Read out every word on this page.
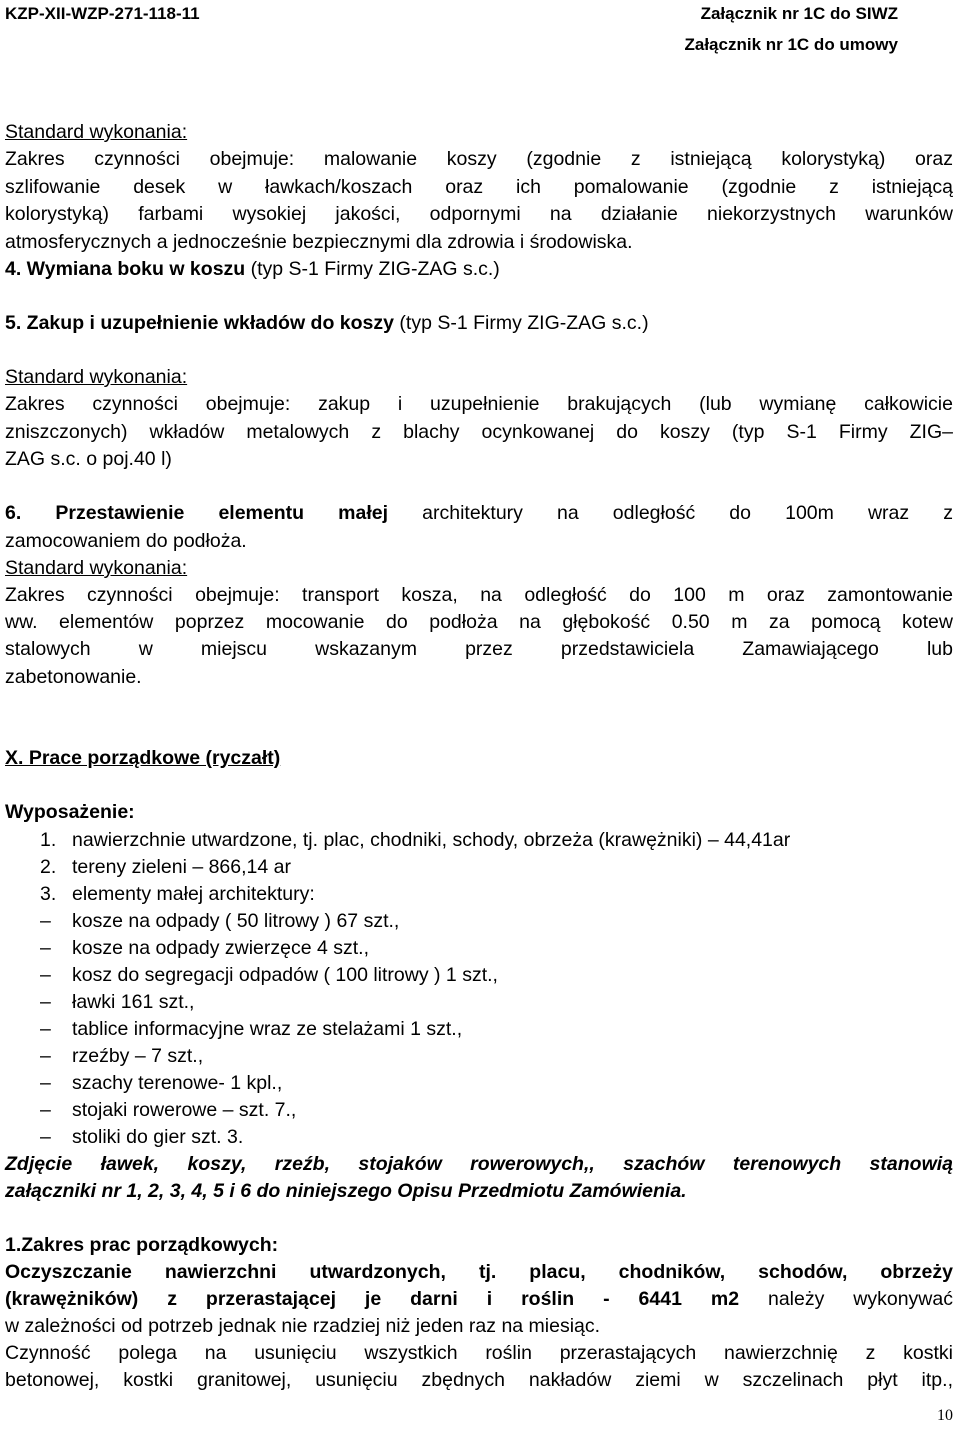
KZP-XII-WZP-271-118-11	Załącznik nr 1C do SIWZ
Załącznik nr 1C do umowy
Standard wykonania:
Zakres czynności obejmuje: malowanie koszy (zgodnie z istniejącą kolorystyką) oraz
szlifowanie desek w ławkach/koszach oraz ich pomalowanie (zgodnie z istniejącą
kolorystyką) farbami wysokiej jakości, odpornymi na działanie niekorzystnych warunków
atmosferycznych a jednocześnie bezpiecznymi dla zdrowia i środowiska.
4. Wymiana boku w koszu (typ S-1 Firmy ZIG-ZAG s.c.)
5. Zakup i uzupełnienie wkładów do koszy (typ S-1 Firmy ZIG-ZAG s.c.)
Standard wykonania:
Zakres czynności obejmuje: zakup i uzupełnienie brakujących (lub wymianę całkowicie
zniszczonych) wkładów metalowych z blachy ocynkowanej do koszy (typ S-1 Firmy ZIG–
ZAG s.c. o poj.40 l)
6. Przestawienie elementu małej architektury na odległość do 100m wraz z
zamocowaniem do podłoża.
Standard wykonania:
Zakres czynności obejmuje: transport kosza, na odległość do 100 m oraz zamontowanie
ww. elementów poprzez mocowanie do podłoża na głębokość 0.50 m za pomocą kotew
stalowych w miejscu wskazanym przez przedstawiciela Zamawiającego lub
zabetonowanie.
X. Prace porządkowe (ryczałt)
Wyposażenie:
1. nawierzchnie utwardzone, tj. plac, chodniki, schody, obrzeża (krawężniki) – 44,41ar
2. tereny zieleni – 866,14 ar
3. elementy małej architektury:
– kosze na odpady ( 50 litrowy ) 67 szt.,
– kosze na odpady zwierzęce 4 szt.,
– kosz do segregacji odpadów ( 100 litrowy ) 1 szt.,
– ławki 161 szt.,
– tablice informacyjne wraz ze stelażami 1 szt.,
– rzeźby – 7 szt.,
– szachy terenowe- 1 kpl.,
– stojaki rowerowe – szt. 7.,
– stoliki do gier szt. 3.
Zdjęcie ławek, koszy, rzeźb, stojaków rowerowych,, szachów terenowych stanowią
załączniki nr 1, 2, 3, 4, 5 i 6 do niniejszego Opisu Przedmiotu Zamówienia.
1.Zakres prac porządkowych:
Oczyszczanie nawierzchni utwardzonych, tj. placu, chodników, schodów, obrzeży
(krawężników) z przerastającej je darni i roślin - 6441 m2 należy wykonywać
w zależności od potrzeb jednak nie rzadziej niż jeden raz na miesiąc.
Czynność polega na usunięciu wszystkich roślin przerastających nawierzchnię z kostki
betonowej, kostki granitowej, usunięciu zbędnych nakładów ziemi w szczelinach płyt itp.,
10
